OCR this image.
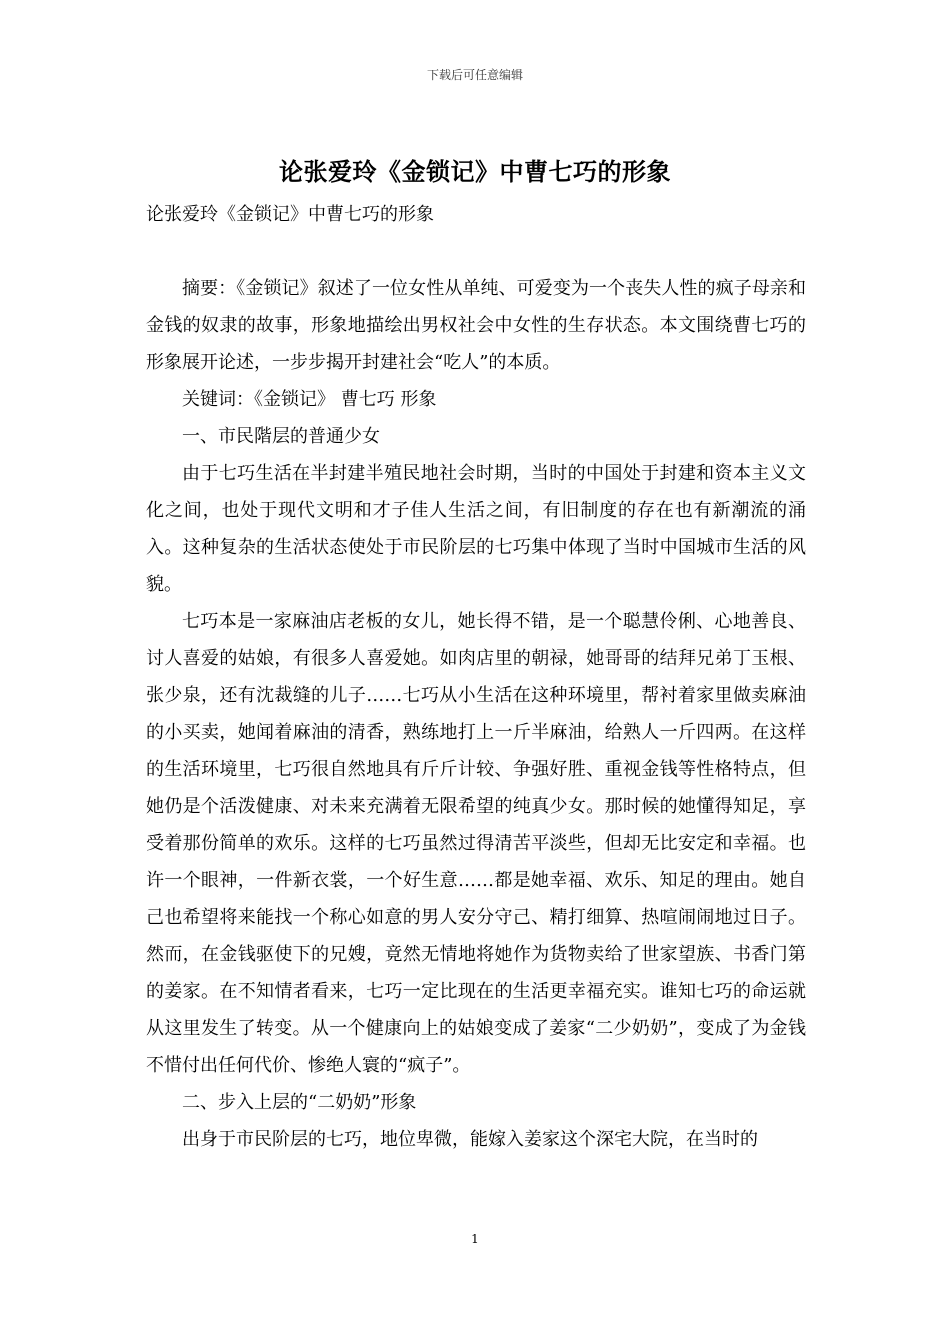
下载后可任意编辑
论张爱玲《金锁记》中曹七巧的形象
论张爱玲《金锁记》中曹七巧的形象

摘要：《金锁记》叙述了一位女性从单纯、可爱变为一个丧失人性的疯子母亲和金钱的奴隶的故事，形象地描绘出男权社会中女性的生存状态。本文围绕曹七巧的形象展开论述，一步步揭开封建社会“吃人”的本质。

关键词：《金锁记》 曹七巧 形象

一、市民階层的普通少女

由于七巧生活在半封建半殖民地社会时期，当时的中国处于封建和资本主义文化之间，也处于现代文明和才子佳人生活之间，有旧制度的存在也有新潮流的涌入。这种复杂的生活状态使处于市民阶层的七巧集中体现了当时中国城市生活的风貌。

七巧本是一家麻油店老板的女儿，她长得不错，是一个聪慧伶俐、心地善良、讨人喜爱的姑娘，有很多人喜爱她。如肉店里的朝禄，她哥哥的结拜兄弟丁玉根、张少泉，还有沈裁缝的儿子……七巧从小生活在这种环境里，帮衬着家里做卖麻油的小买卖，她闻着麻油的清香，熟练地打上一斤半麻油，给熟人一斤四两。在这样的生活环境里，七巧很自然地具有斤斤计较、争强好胜、重视金钱等性格特点，但她仍是个活泼健康、对未来充满着无限希望的纯真少女。那时候的她懂得知足，享受着那份简单的欢乐。这样的七巧虽然过得清苦平淡些，但却无比安定和幸福。也许一个眼神，一件新衣裳，一个好生意……都是她幸福、欢乐、知足的理由。她自己也希望将来能找一个称心如意的男人安分守己、精打细算、热喧闹闹地过日子。然而，在金钱驱使下的兄嫂，竟然无情地将她作为货物卖给了世家望族、书香门第的姜家。在不知情者看来，七巧一定比现在的生活更幸福充实。谁知七巧的命运就从这里发生了转变。从一个健康向上的姑娘变成了姜家“二少奶奶”，变成了为金钱不惜付出任何代价、惨绝人寰的“疯子”。

二、步入上层的“二奶奶”形象

出身于市民阶层的七巧，地位卑微，能嫁入姜家这个深宅大院，在当时的

1
